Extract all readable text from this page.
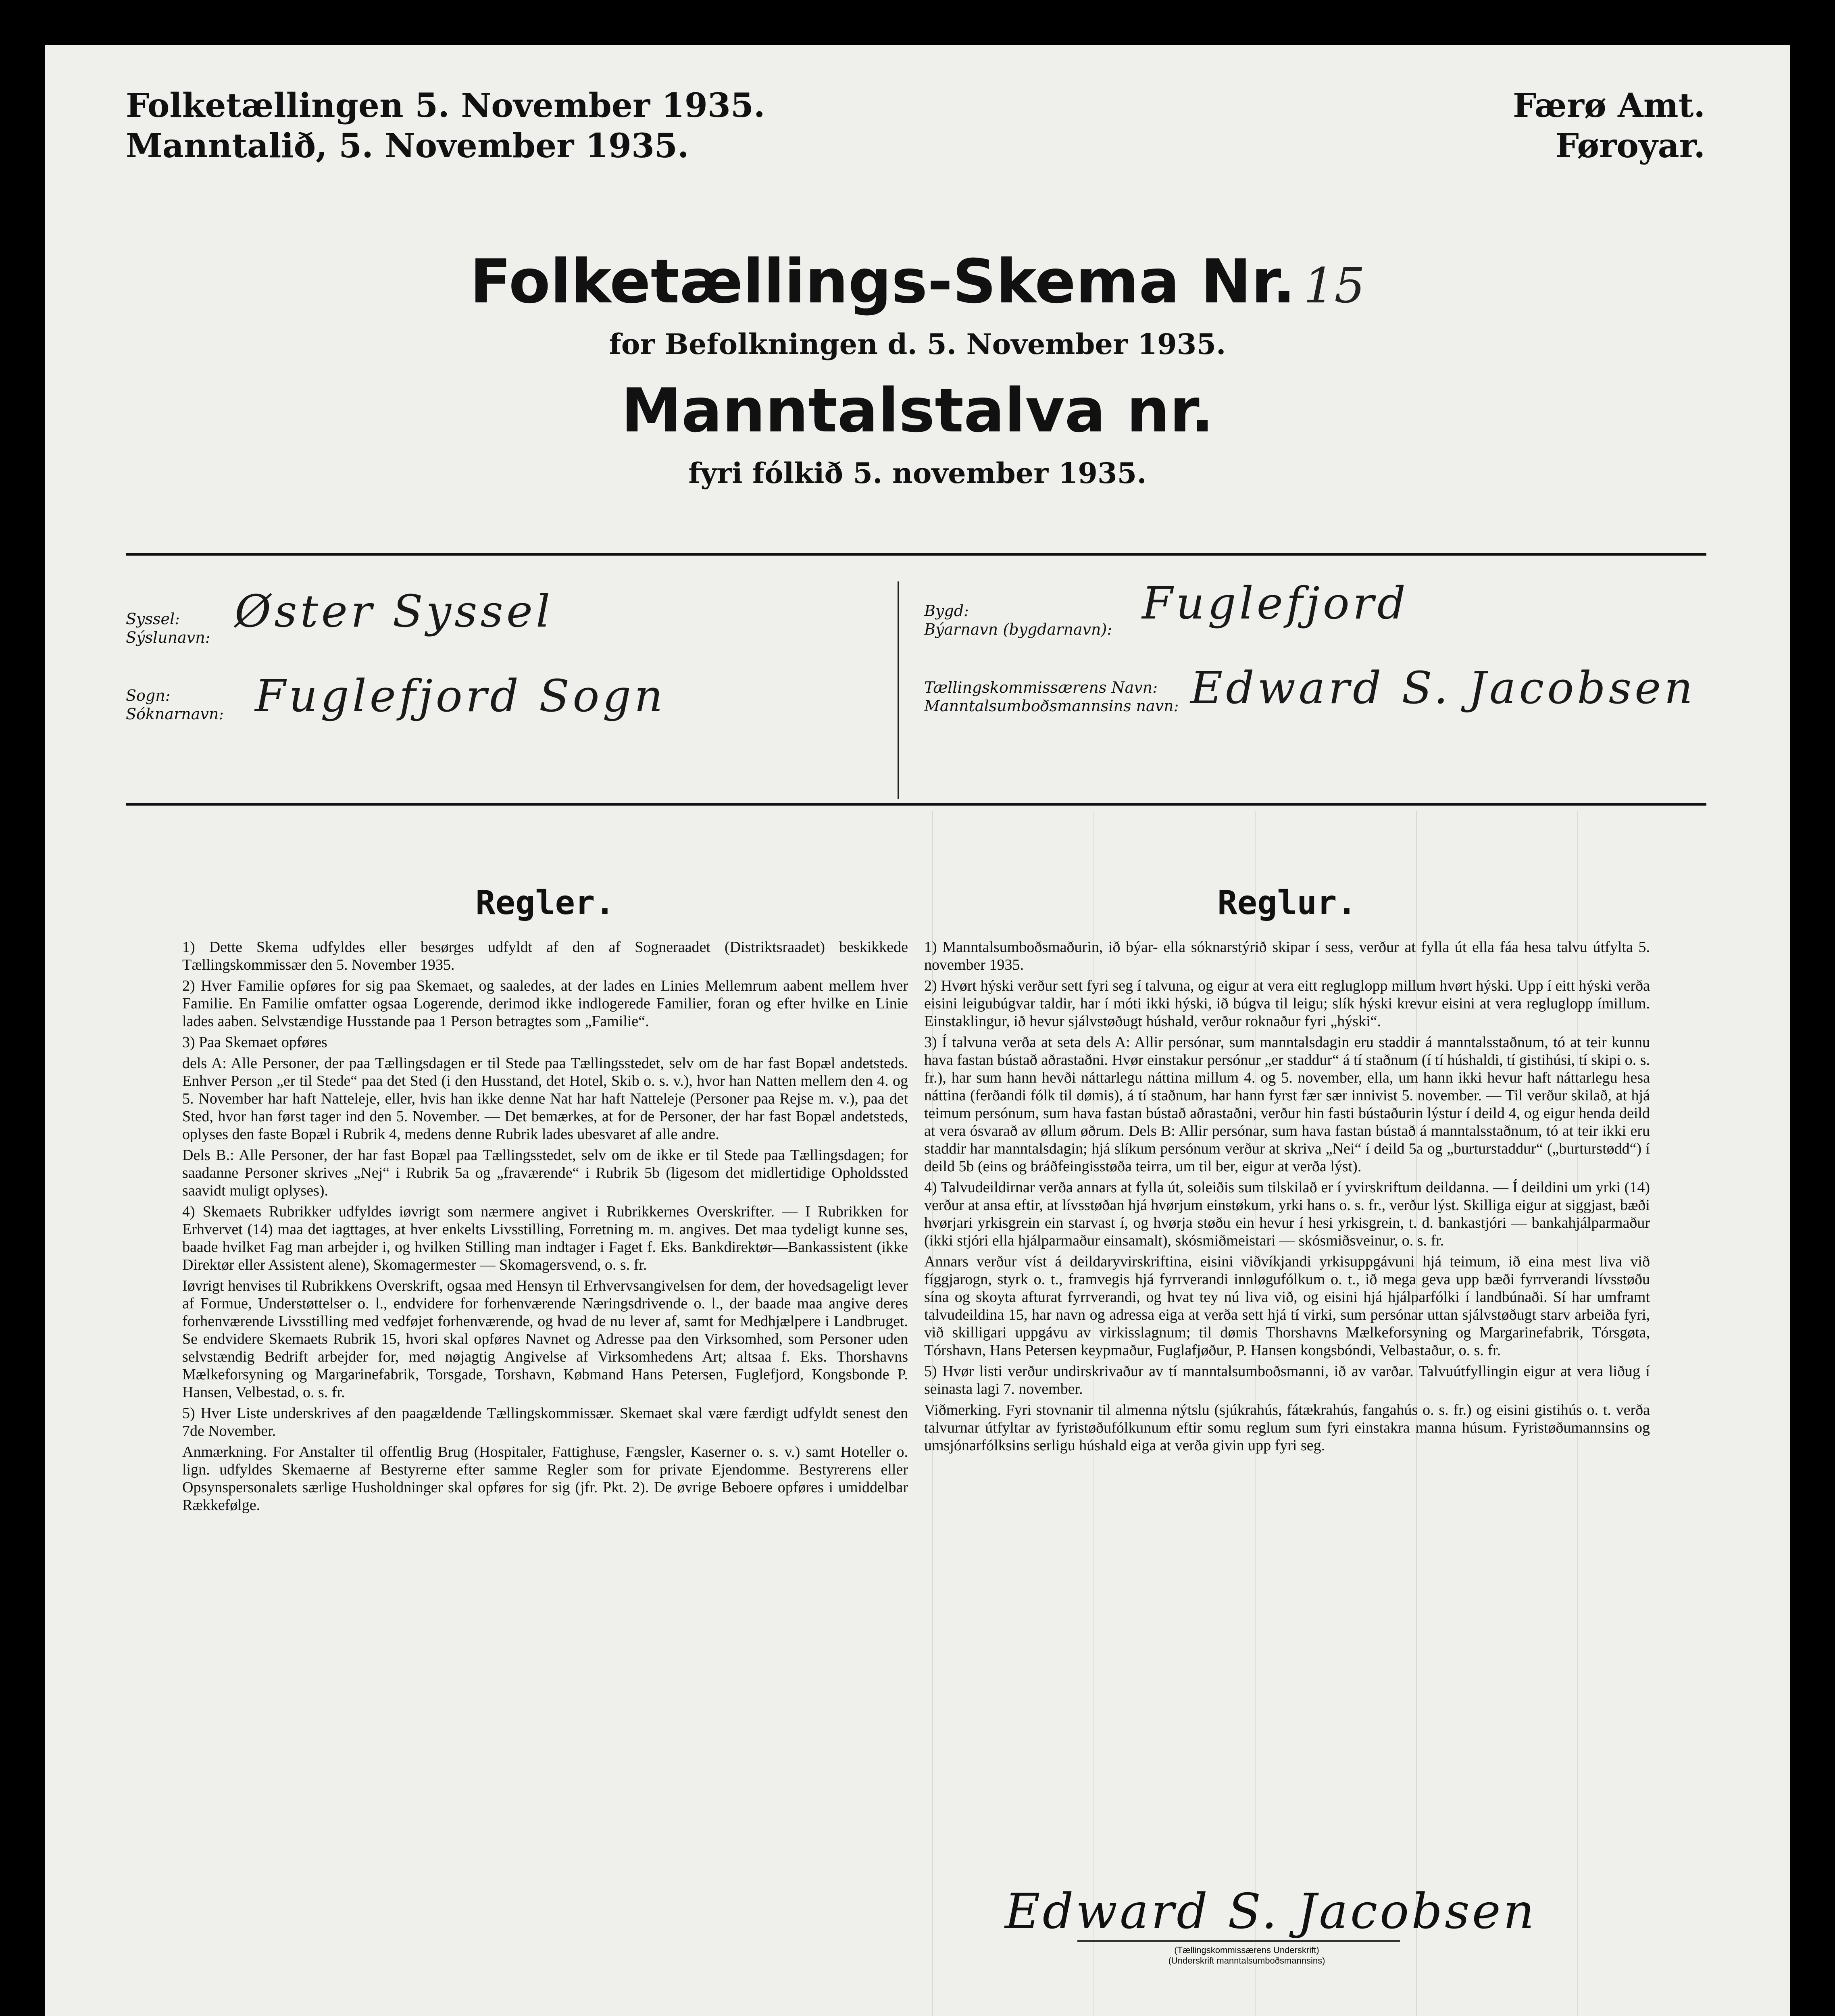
Folketællingen 5. November 1935.
Manntalið, 5. November 1935.
Færø Amt.
Føroyar.
Folketællings-Skema Nr. 15
for Befolkningen d. 5. November 1935.
Manntalstalva nr.
fyri fólkið 5. november 1935.
Syssel:
Sýslunavn:
Øster Syssel
Sogn:
Sóknarnavn: Fuglefjord Sogn
Bygd:
Býarnavn (bygdarnavn):
Fuglefjord
Tællingskommissærens Navn:
Manntalsumboðsmannsins navn: Edward S. Jacobsen
Regler.

1) Dette Skema udfyldes eller besørges udfyldt af den af Sogneraadet (Distriktsraadet) beskikkede Tællingskommissær den 5. November 1935.

2) Hver Familie opføres for sig paa Skemaet, og saaledes, at der lades en Linies Mellemrum aabent mellem hver Familie. En Familie omfatter ogsaa Logerende, derimod ikke indlogerede Familier, foran og efter hvilke en Linie lades aaben. Selvstændige Husstande paa 1 Person betragtes som „Familie“.

3) Paa Skemaet opføres

dels A: Alle Personer, der paa Tællingsdagen er til Stede paa Tællingsstedet, selv om de har fast Bopæl andetsteds. Enhver Person „er til Stede“ paa det Sted (i den Husstand, det Hotel, Skib o. s. v.), hvor han Natten mellem den 4. og 5. November har haft Natteleje, eller, hvis han ikke denne Nat har haft Natteleje (Personer paa Rejse m. v.), paa det Sted, hvor han først tager ind den 5. November. — Det bemærkes, at for de Personer, der har fast Bopæl andetsteds, oplyses den faste Bopæl i Rubrik 4, medens denne Rubrik lades ubesvaret af alle andre.

Dels B.: Alle Personer, der har fast Bopæl paa Tællingsstedet, selv om de ikke er til Stede paa Tællingsdagen; for saadanne Personer skrives „Nej“ i Rubrik 5a og „fraværende“ i Rubrik 5b (ligesom det midlertidige Opholdssted saavidt muligt oplyses).

4) Skemaets Rubrikker udfyldes iøvrigt som nærmere angivet i Rubrikkernes Overskrifter. — I Rubrikken for Erhvervet (14) maa det iagttages, at hver enkelts Livsstilling, Forretning m. m. angives. Det maa tydeligt kunne ses, baade hvilket Fag man arbejder i, og hvilken Stilling man indtager i Faget f. Eks. Bankdirektør—Bankassistent (ikke Direktør eller Assistent alene), Skomagermester — Skomagersvend, o. s. fr.

Iøvrigt henvises til Rubrikkens Overskrift, ogsaa med Hensyn til Erhvervsangivelsen for dem, der hovedsageligt lever af Formue, Understøttelser o. l., endvidere for forhenværende Næringsdrivende o. l., der baade maa angive deres forhenværende Livsstilling med vedføjet forhenværende, og hvad de nu lever af, samt for Medhjælpere i Landbruget. Se endvidere Skemaets Rubrik 15, hvori skal opføres Navnet og Adresse paa den Virksomhed, som Personer uden selvstændig Bedrift arbejder for, med nøjagtig Angivelse af Virksomhedens Art; altsaa f. Eks. Thorshavns Mælkeforsyning og Margarinefabrik, Torsgade, Torshavn, Købmand Hans Petersen, Fuglefjord, Kongsbonde P. Hansen, Velbestad, o. s. fr.

5) Hver Liste underskrives af den paagældende Tællingskommissær. Skemaet skal være færdigt udfyldt senest den 7de November.

Anmærkning. For Anstalter til offentlig Brug (Hospitaler, Fattighuse, Fængsler, Kaserner o. s. v.) samt Hoteller o. lign. udfyldes Skemaerne af Bestyrerne efter samme Regler som for private Ejendomme. Bestyrerens eller Opsynspersonalets særlige Husholdninger skal opføres for sig (jfr. Pkt. 2). De øvrige Beboere opføres i umiddelbar Rækkefølge.

Reglur.

1) Manntalsumboðsmaðurin, ið býar- ella sóknarstýrið skipar í sess, verður at fylla út ella fáa hesa talvu útfylta 5. november 1935.

2) Hvørt hýski verður sett fyri seg í talvuna, og eigur at vera eitt regluglopp millum hvørt hýski. Upp í eitt hýski verða eisini leigubúgvar taldir, har í móti ikki hýski, ið búgva til leigu; slík hýski krevur eisini at vera regluglopp ímillum. Einstaklingur, ið hevur sjálvstøðugt húshald, verður roknaður fyri „hýski“.

3) Í talvuna verða at seta dels A: Allir persónar, sum manntalsdagin eru staddir á manntalsstaðnum, tó at teir kunnu hava fastan bústað aðrastaðni. Hvør einstakur persónur „er staddur“ á tí staðnum (í tí húshaldi, tí gistihúsi, tí skipi o. s. fr.), har sum hann hevði náttarlegu náttina millum 4. og 5. november, ella, um hann ikki hevur haft náttarlegu hesa náttina (ferðandi fólk til dømis), á tí staðnum, har hann fyrst fær sær innivist 5. november. — Til verður skilað, at hjá teimum persónum, sum hava fastan bústað aðrastaðni, verður hin fasti bústaðurin lýstur í deild 4, og eigur henda deild at vera ósvarað av øllum øðrum. Dels B: Allir persónar, sum hava fastan bústað á manntalsstaðnum, tó at teir ikki eru staddir har manntalsdagin; hjá slíkum persónum verður at skriva „Nei“ í deild 5a og „burturstaddur“ („burturstødd“) í deild 5b (eins og bráðfeingisstøða teirra, um til ber, eigur at verða lýst).

4) Talvudeildirnar verða annars at fylla út, soleiðis sum tilskilað er í yvirskriftum deildanna. — Í deildini um yrki (14) verður at ansa eftir, at lívsstøðan hjá hvørjum einstøkum, yrki hans o. s. fr., verður lýst. Skilliga eigur at siggjast, bæði hvørjari yrkisgrein ein starvast í, og hvørja støðu ein hevur í hesi yrkisgrein, t. d. bankastjóri — bankahjálparmaður (ikki stjóri ella hjálparmaður einsamalt), skósmiðmeistari — skósmiðsveinur, o. s. fr.

Annars verður víst á deildaryvirskriftina, eisini viðvíkjandi yrkisuppgávuni hjá teimum, ið eina mest liva við fíggjarogn, styrk o. t., framvegis hjá fyrrverandi innløgufólkum o. t., ið mega geva upp bæði fyrrverandi lívsstøðu sína og skoyta afturat fyrrverandi, og hvat tey nú liva við, og eisini hjá hjálparfólki í landbúnaði. Sí har umframt talvudeildina 15, har navn og adressa eiga at verða sett hjá tí virki, sum persónar uttan sjálvstøðugt starv arbeiða fyri, við skilligari uppgávu av virkisslagnum; til dømis Thorshavns Mælkeforsyning og Margarinefabrik, Tórsgøta, Tórshavn, Hans Petersen keypmaður, Fuglafjøður, P. Hansen kongsbóndi, Velbastaður, o. s. fr.

5) Hvør listi verður undirskrivaður av tí manntalsumboðsmanni, ið av varðar. Talvuútfyllingin eigur at vera liðug í seinasta lagi 7. november.

Viðmerking. Fyri stovnanir til almenna nýtslu (sjúkrahús, fátækrahús, fangahús o. s. fr.) og eisini gistihús o. t. verða talvurnar útfyltar av fyristøðufólkunum eftir somu reglum sum fyri einstakra manna húsum. Fyristøðumannsins og umsjónarfólksins serligu húshald eiga at verða givin upp fyri seg.

Edward S. Jacobsen
(Tællingskommissærens Underskrift)
(Underskrift manntalsumboðsmannsins)
